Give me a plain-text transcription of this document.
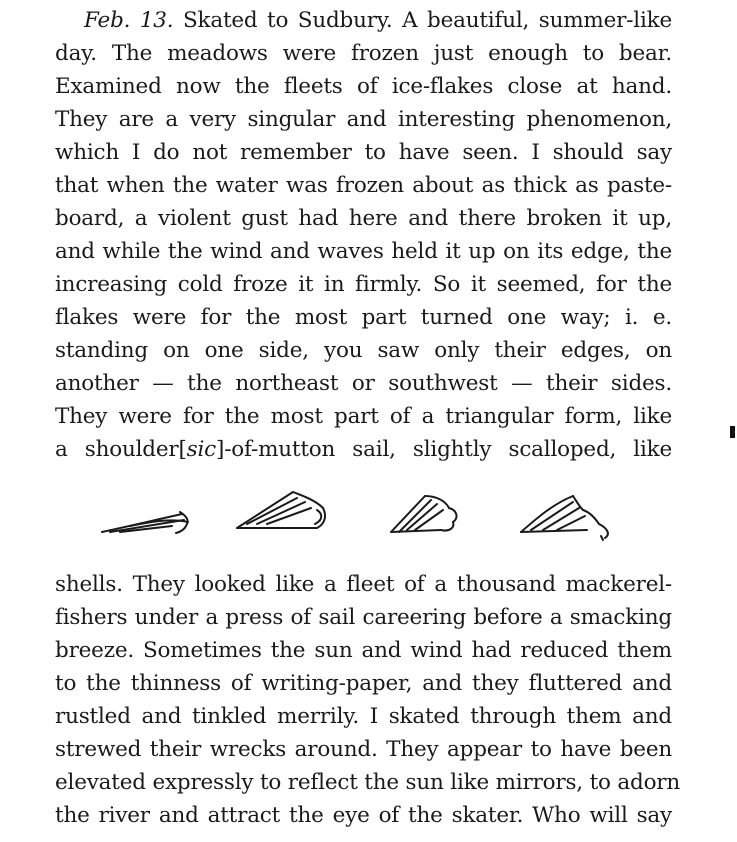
Feb. 13. Skated to Sudbury. A beautiful, summer-like
day. The meadows were frozen just enough to bear.
Examined now the fleets of ice-flakes close at hand.
They are a very singular and interesting phenomenon,
which I do not remember to have seen. I should say
that when the water was frozen about as thick as paste-
board, a violent gust had here and there broken it up,
and while the wind and waves held it up on its edge, the
increasing cold froze it in firmly. So it seemed, for the
flakes were for the most part turned one way; i. e.
standing on one side, you saw only their edges, on
another — the northeast or southwest — their sides.
They were for the most part of a triangular form, like
a shoulder[sic]-of-mutton sail, slightly scalloped, like
shells. They looked like a fleet of a thousand mackerel-
fishers under a press of sail careering before a smacking
breeze. Sometimes the sun and wind had reduced them
to the thinness of writing-paper, and they fluttered and
rustled and tinkled merrily. I skated through them and
strewed their wrecks around. They appear to have been
elevated expressly to reflect the sun like mirrors, to adorn
the river and attract the eye of the skater. Who will say
